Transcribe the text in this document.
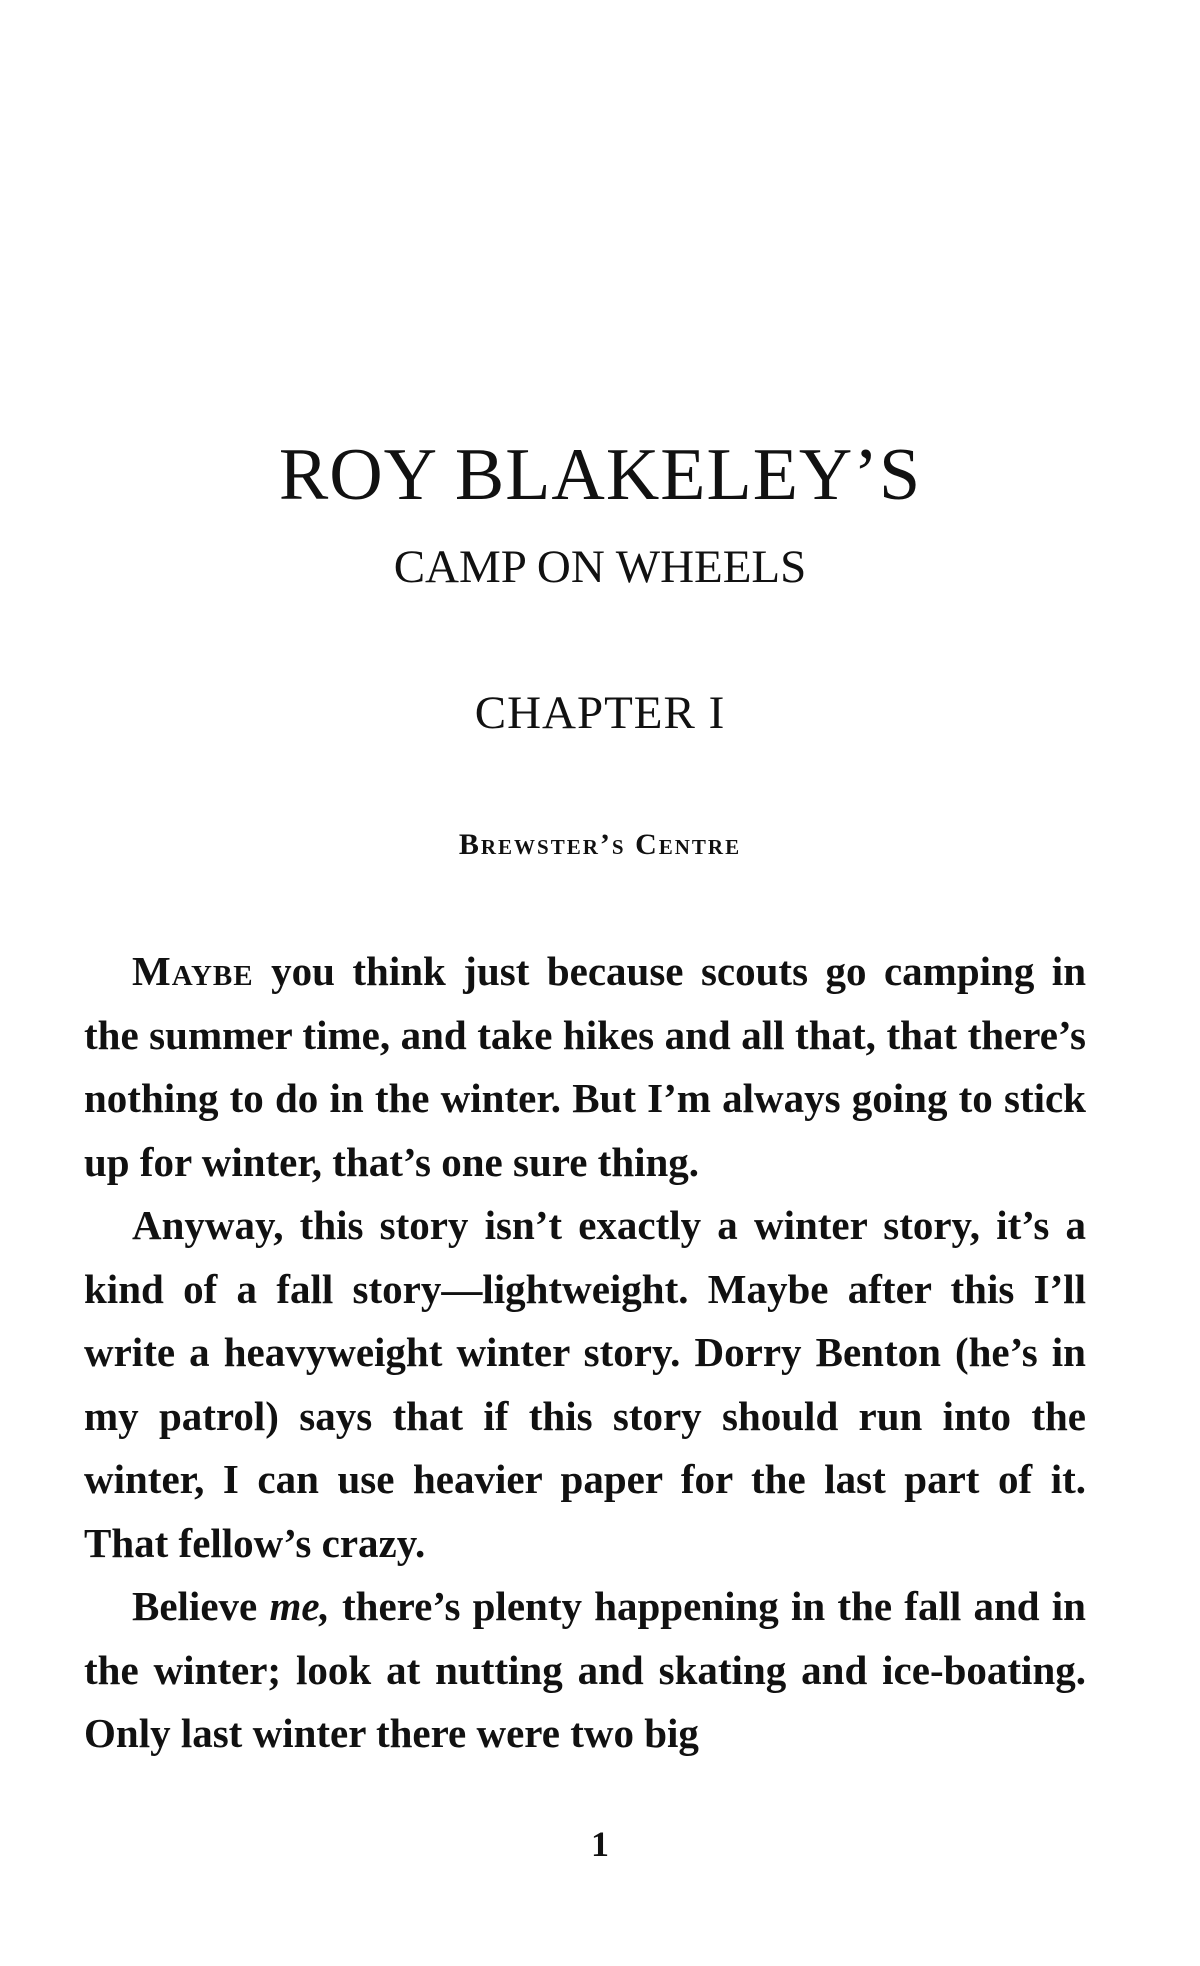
ROY BLAKELEY’S
CAMP ON WHEELS
CHAPTER I
Brewster’s Centre

Maybe you think just because scouts go camping in the summer time, and take hikes and all that, that there’s nothing to do in the winter. But I’m always going to stick up for winter, that’s one sure thing.

Anyway, this story isn’t exactly a winter story, it’s a kind of a fall story—lightweight. Maybe after this I’ll write a heavyweight winter story. Dorry Benton (he’s in my patrol) says that if this story should run into the winter, I can use heavier paper for the last part of it. That fellow’s crazy.

Believe me, there’s plenty happening in the fall and in the winter; look at nutting and skating and ice-boating. Only last winter there were two big

1
